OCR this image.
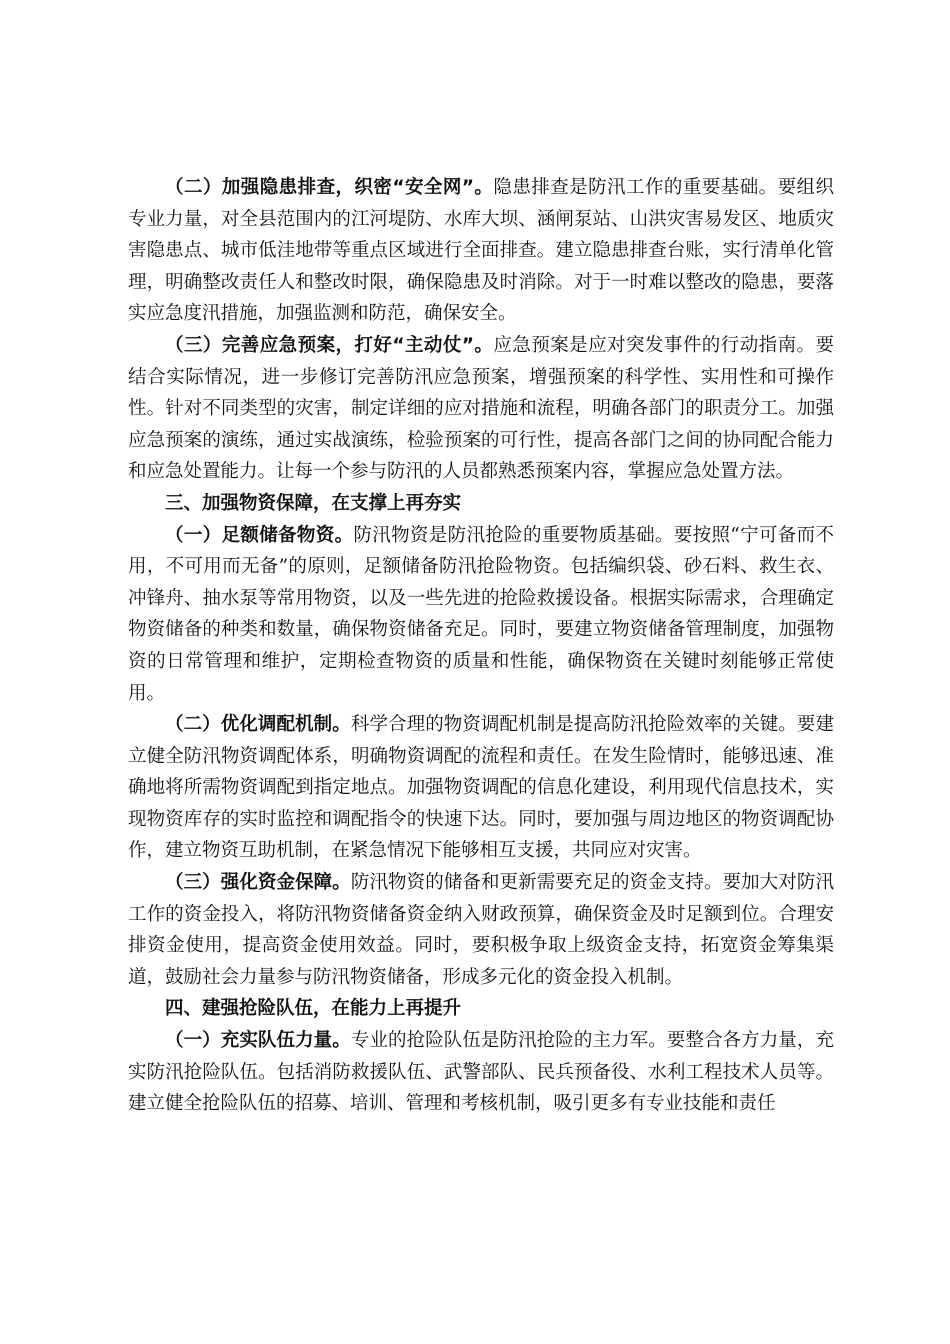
（二）加强隐患排查，织密“安全网”。隐患排查是防汛工作的重要基础。要组织专业力量，对全县范围内的江河堤防、水库大坝、涵闸泵站、山洪灾害易发区、地质灾害隐患点、城市低洼地带等重点区域进行全面排查。建立隐患排查台账，实行清单化管理，明确整改责任人和整改时限，确保隐患及时消除。对于一时难以整改的隐患，要落实应急度汛措施，加强监测和防范，确保安全。

（三）完善应急预案，打好“主动仗”。应急预案是应对突发事件的行动指南。要结合实际情况，进一步修订完善防汛应急预案，增强预案的科学性、实用性和可操作性。针对不同类型的灾害，制定详细的应对措施和流程，明确各部门的职责分工。加强应急预案的演练，通过实战演练，检验预案的可行性，提高各部门之间的协同配合能力和应急处置能力。让每一个参与防汛的人员都熟悉预案内容，掌握应急处置方法。

三、加强物资保障，在支撑上再夯实

（一）足额储备物资。防汛物资是防汛抢险的重要物质基础。要按照“宁可备而不用，不可用而无备”的原则，足额储备防汛抢险物资。包括编织袋、砂石料、救生衣、冲锋舟、抽水泵等常用物资，以及一些先进的抢险救援设备。根据实际需求，合理确定物资储备的种类和数量，确保物资储备充足。同时，要建立物资储备管理制度，加强物资的日常管理和维护，定期检查物资的质量和性能，确保物资在关键时刻能够正常使用。

（二）优化调配机制。科学合理的物资调配机制是提高防汛抢险效率的关键。要建立健全防汛物资调配体系，明确物资调配的流程和责任。在发生险情时，能够迅速、准确地将所需物资调配到指定地点。加强物资调配的信息化建设，利用现代信息技术，实现物资库存的实时监控和调配指令的快速下达。同时，要加强与周边地区的物资调配协作，建立物资互助机制，在紧急情况下能够相互支援，共同应对灾害。

（三）强化资金保障。防汛物资的储备和更新需要充足的资金支持。要加大对防汛工作的资金投入，将防汛物资储备资金纳入财政预算，确保资金及时足额到位。合理安排资金使用，提高资金使用效益。同时，要积极争取上级资金支持，拓宽资金筹集渠道，鼓励社会力量参与防汛物资储备，形成多元化的资金投入机制。

四、建强抢险队伍，在能力上再提升

（一）充实队伍力量。专业的抢险队伍是防汛抢险的主力军。要整合各方力量，充实防汛抢险队伍。包括消防救援队伍、武警部队、民兵预备役、水利工程技术人员等。建立健全抢险队伍的招募、培训、管理和考核机制，吸引更多有专业技能和责任
